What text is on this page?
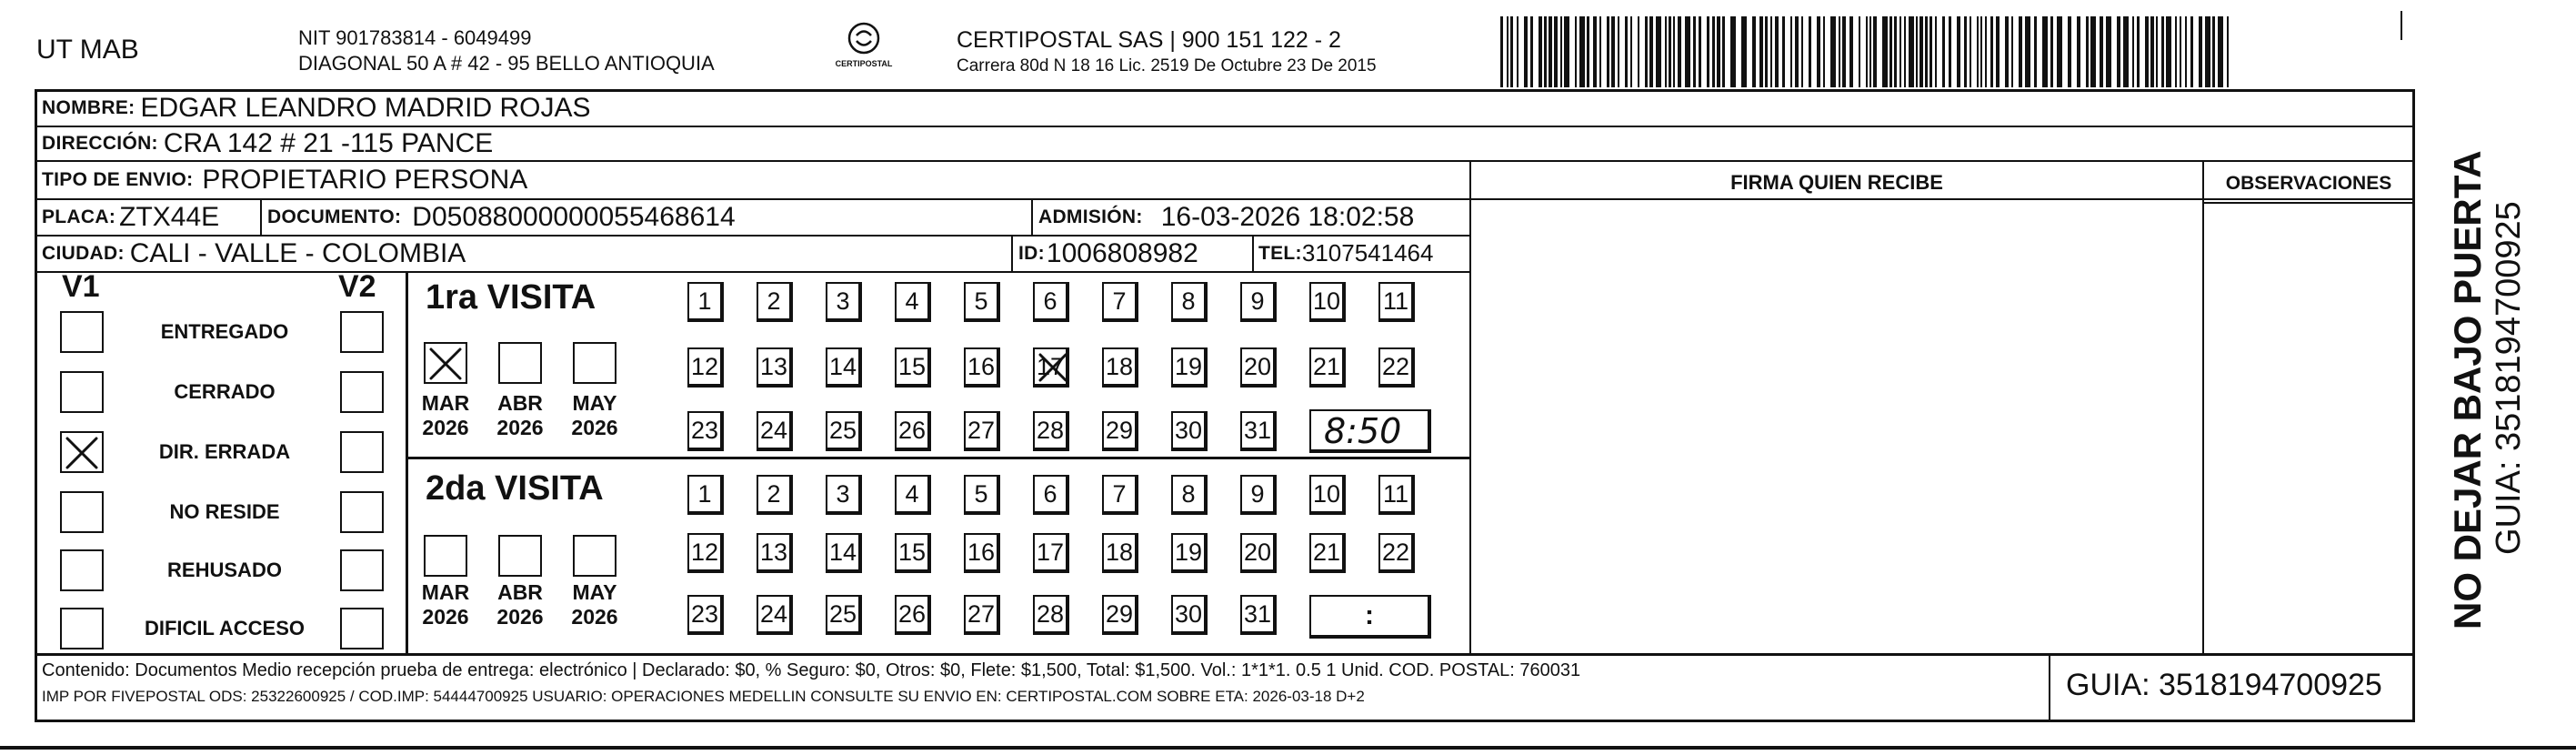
UT MAB	NIT 901783814 - 6049499
DIAGONAL 50 A # 42 - 95 BELLO ANTIOQUIA	CERTIPOSTAL
CERTIPOSTAL SAS | 900 151 122 - 2
Carrera 80d N 18 16 Lic. 2519 De Octubre 23 De 2015
NOMBRE: EDGAR LEANDRO MADRID ROJAS
DIRECCIÓN: CRA 142 # 21 -115 PANCE
TIPO DE ENVIO: PROPIETARIO PERSONA
PLACA: ZTX44E	DOCUMENTO: D05088000000055468614	ADMISIÓN: 16-03-2026 18:02:58
CIUDAD: CALI - VALLE - COLOMBIA	ID: 1006808982	TEL: 3107541464
FIRMA QUIEN RECIBE	OBSERVACIONES
V1	V2
ENTREGADO
CERRADO
DIR. ERRADA
NO RESIDE
REHUSADO
DIFICIL ACCESO
1ra VISITA
2da VISITA
MAR
2026
ABR
2026
MAY
2026
MAR
2026
ABR
2026
MAY
2026
1 2 3 4 5 6 7 8 9 10 11
12 13 14 15 16 17 18 19 20 21 22
23 24 25 26 27 28 29 30 31
1 2 3 4 5 6 7 8 9 10 11
12 13 14 15 16 17 18 19 20 21 22
23 24 25 26 27 28 29 30 31
8:50
:
Contenido: Documentos Medio recepción prueba de entrega: electrónico | Declarado: $0, % Seguro: $0, Otros: $0, Flete: $1,500, Total: $1,500. Vol.: 1*1*1. 0.5 1 Unid. COD. POSTAL: 760031
IMP POR FIVEPOSTAL ODS: 25322600925 / COD.IMP: 54444700925 USUARIO: OPERACIONES MEDELLIN CONSULTE SU ENVIO EN: CERTIPOSTAL.COM SOBRE ETA: 2026-03-18 D+2	GUIA: 3518194700925
NO DEJAR BAJO PUERTA GUIA: 3518194700925
